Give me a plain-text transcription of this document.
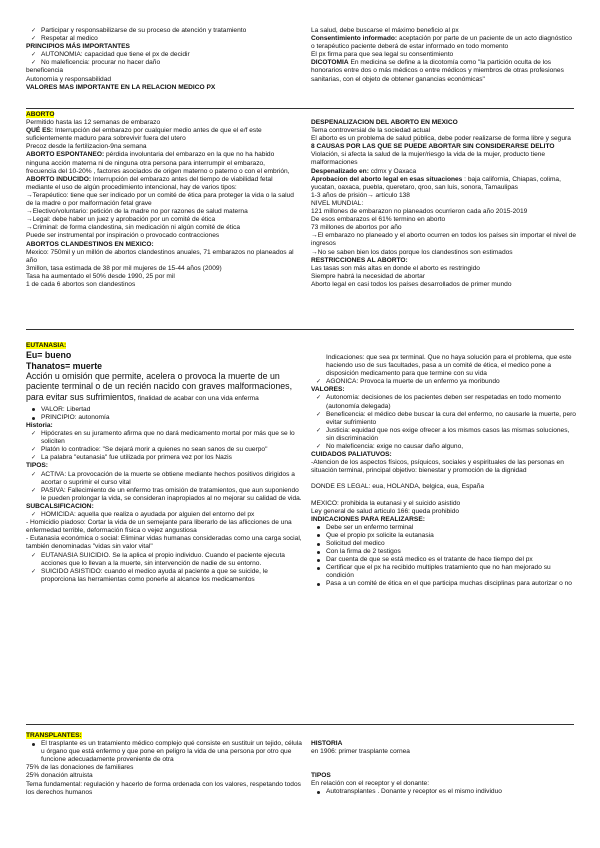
✓ Participar y responsabilizarse de su proceso de atención y tratamiento
✓ Respetar al medico
PRINCIPIOS MÁS IMPORTANTES
✓ AUTONOMIA: capacidad que tiene el px de decidir
✓ No maleficencia: procurar no hacer daño
beneficencia
Autonomía y responsabilidad
VALORES MAS IMPORTANTE EN LA RELACION MEDICO PX
La salud, debe buscarse el máximo beneficio al px
Consentimiento informado: aceptación por parte de un paciente de un acto diagnóstico o terapéutico paciente deberá de estar informado en todo momento
El px firma para que sea legal su consentimiento
DICOTOMIA En medicina se define a la dicotomía como "la partición oculta de los honorarios entre dos o más médicos o entre médicos y miembros de otras profesiones sanitarias, con el objeto de obtener ganancias económicas"
ABORTO
Permitido hasta las 12 semanas de embarazo
QUÉ ES: Interrupción del embarazo por cualquier medio antes de que el e/f este suficientemente maduro para sobrevivir fuera del utero
Precoz desde la fertilizacion-9na semana
ABORTO ESPONTANEO: pérdida involuntaria del embarazo en la que no ha habido ninguna acción materna ni de ninguna otra persona para interrumpir el embarazo, frecuencia del 10-20% , factores asociados de origen materno o paterno o con el embrión,
ABORTO INDUCIDO: Interrupción del embarazo antes del tiempo de viabilidad fetal mediante el uso de algún procedimiento intencional, hay de varios tipos:
→Terapéutico: tiene que ser indicado por un comité de ética para proteger la vida o la salud de la madre o por malformación fetal grave
→Electivo/voluntario: petición de la madre no por razones de salud materna
→Legal: debe haber un juez y aprobación por un comité de ética
→Criminal: de forma clandestina, sin medicación ni algún comité de ética
Puede ser instrumental por inspiración o provocado contracciones
ABORTOS CLANDESTINOS EN MEXICO:
Mexico: 750mil y un millón de abortos clandestinos anuales, 71 embarazos no planeados al año
3millon, tasa estimada de 38 por mil mujeres de 15-44 años (2009)
Tasa ha aumentado el 50% desde 1990, 25 por mil
1 de cada 6 abortos son clandestinos
DESPENALIZACION DEL ABORTO EN MEXICO
Tema controversial de la sociedad actual
El aborto es un problema de salud pública, debe poder realizarse de forma libre y segura
8 CAUSAS POR LAS QUE SE PUEDE ABORTAR SIN CONSIDERARSE DELITO
Violación, si afecta la salud de la mujer/riesgo la vida de la mujer, producto tiene malformaciones
Despenalizado en: cdmx y Oaxaca
Aprobacion del aborto legal en esas situaciones : baja california, Chiapas, colima, yucatan, oaxaca, puebla, queretaro, qroo, san luis, sonora, Tamaulipas
1-3 años de prisión→ artículo 138
NIVEL MUNDIAL:
121 millones de embarazon no planeados ocurrieron cada año 2015-2019
De esos embarazos el 61% termino en aborto
73 millones de abortos por año
→El embarazo no planeado y el aborto ocurren en todos los países sin importar el nivel de ingresos
→No se saben bien los datos porque los clandestinos son estimados
RESTRICCIONES AL ABORTO:
Las tasas son más altas en donde el aborto es restringido
Siempre habrá la necesidad de abortar
Aborto legal en casi todos los países desarrollados de primer mundo
EUTANASIA:
Eu= bueno
Thanatos= muerte
Acción u omisión que permite, acelera o provoca la muerte de un paciente terminal o de un recién nacido con graves malformaciones, para evitar sus sufrimientos, finalidad de acabar con una vida enferma
VALOR: Libertad
PRINCIPIO: autonomía
Historia:
✓ Hipócrates en su juramento afirma que no dará medicamento mortal por más que se lo soliciten
✓ Platón lo contradice: "Se dejará morir a quienes no sean sanos de su cuerpo"
✓ La palabra "eutanasia" fue utilizada por primera vez por los Nazis
TIPOS:
✓ ACTIVA: La provocación de la muerte se obtiene mediante hechos positivos dirigidos a acortar o suprimir el curso vital
✓ PASIVA: Fallecimiento de un enfermo tras omisión de tratamientos, que aun suponiendo le pueden prolongar la vida, se consideran inapropiados al no mejorar su calidad de vida.
SUBCALSIFICACION:
✓ HOMICIDA: aquella que realiza o ayudada por alguien del entorno del px
- Homicidio piadoso: Cortar la vida de un semejante para liberarlo de las aflicciones de una enfermedad terrible, deformación física o vejez angustiosa
- Eutanasia económica o social: Eliminar vidas humanas consideradas como una carga social, también denominadas "vidas sin valor vital"
✓ EUTANASIA SUICIDIO. Se la aplica el propio individuo. Cuando el paciente ejecuta acciones que lo llevan a la muerte, sin intervención de nadie de su entorno.
✓ SUICIDO ASISTIDO: cuando el medico ayuda al paciente a que se suicide, le proporciona las herramientas como ponerle al alcance los medicamentos
Indicaciones: que sea px terminal. Que no haya solución para el problema, que este haciendo uso de sus facultades, pasa a un comité de ética, el medico pone a disposición medicamento para que termine con su vida
✓ AGONICA: Provoca la muerte de un enfermo ya moribundo
VALORES:
✓ Autonomía: decisiones de los pacientes deben ser respetadas en todo momento (autonomía delegada)
✓ Beneficencia: el médico debe buscar la cura del enfermo, no causarle la muerte, pero evitar sufrimiento
✓ Justicia: equidad que nos exige ofrecer a los mismos casos las mismas soluciones, sin discriminación
✓ No maleficencia: exige no causar daño alguno,
CUIDADOS PALIATUVOS:
-Atencion de los aspectos físicos, psíquicos, sociales y espirituales de las personas en situación terminal, principal objetivo: bienestar y promoción de la dignidad
DONDE ES LEGAL: eua, HOLANDA, belgica, eua, España
MEXICO: prohibida la eutanasi y el suicido asistido
Ley general de salud articulo 166: queda prohibido
INDICACIONES PARA REALIZARSE:
Debe ser un enfermo terminal
Que el propio px solicite la eutanasia
Solicitud del medico
Con la firma de 2 testigos
Dar cuenta de que se está medico es el tratante de hace tiempo del px
Certificar que el px ha recibido multiples tratamiento que no han mejorado su condición
Pasa a un comité de ética en el que participa muchas disciplinas para autorizar o no
TRANSPLANTES:
El trasplante es un tratamiento médico complejo qué consiste en sustituir un tejido, célula u órgano que está enfermo y que pone en peligro la vida de una persona por otro que funcione adecuadamente proveniente de otra
75% de las donaciones de familiares
25% donación altruista
Tema fundamental: regulación y hacerlo de forma ordenada con los valores, respetando todos los derechos humanos
HISTORIA
en 1906: primer trasplante cornea
TIPOS
En relación con el receptor y el donante:
Autotransplantes . Donante y receptor es el mismo individuo
